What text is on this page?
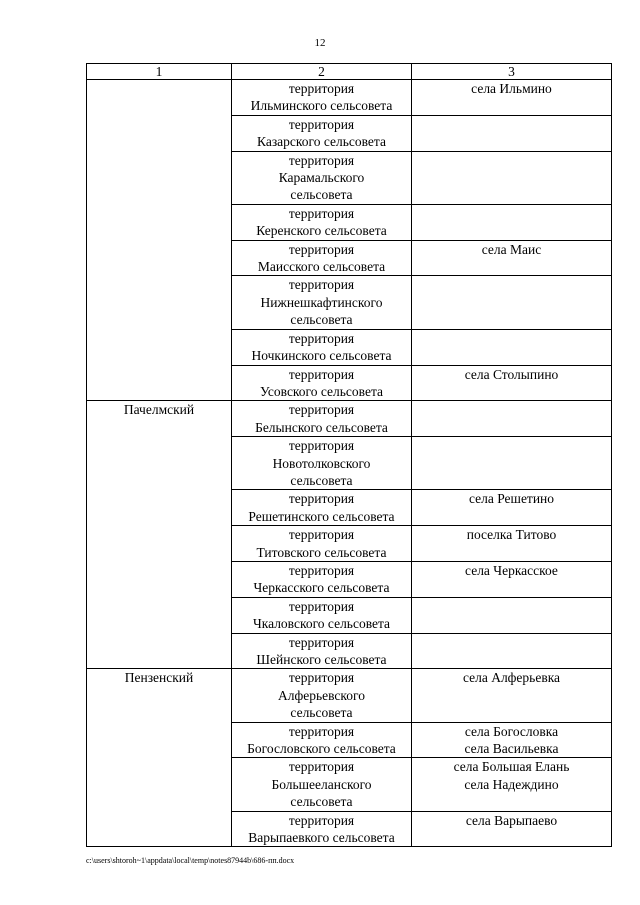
12
1	2	3

	территория
Ильминского сельсовета	села Ильмино

	территория
Казарского сельсовета	

	территория
Карамальского
сельсовета	

	территория
Керенского сельсовета	

	территория
Маисского сельсовета	села Маис

	территория
Нижнешкафтинского
сельсовета	

	территория
Ночкинского сельсовета	

	территория
Усовского сельсовета	села Столыпино

Пачелмский	территория
Белынского сельсовета	

	территория
Новотолковского
сельсовета	

	территория
Решетинского сельсовета	села Решетино

	территория
Титовского сельсовета	поселка Титово

	территория
Черкасского сельсовета	села Черкасское

	территория
Чкаловского сельсовета	

	территория
Шейнского сельсовета	

Пензенский	территория
Алферьевского
сельсовета	села Алферьевка

	территория
Богословского сельсовета	села Богословка
села Васильевка

	территория
Большееланского
сельсовета	села Большая Елань
села Надеждино

	территория
Варыпаевкого сельсовета	села Варыпаево
c:\users\shtoroh~1\appdata\local\temp\notes87944b\686-пп.docx
